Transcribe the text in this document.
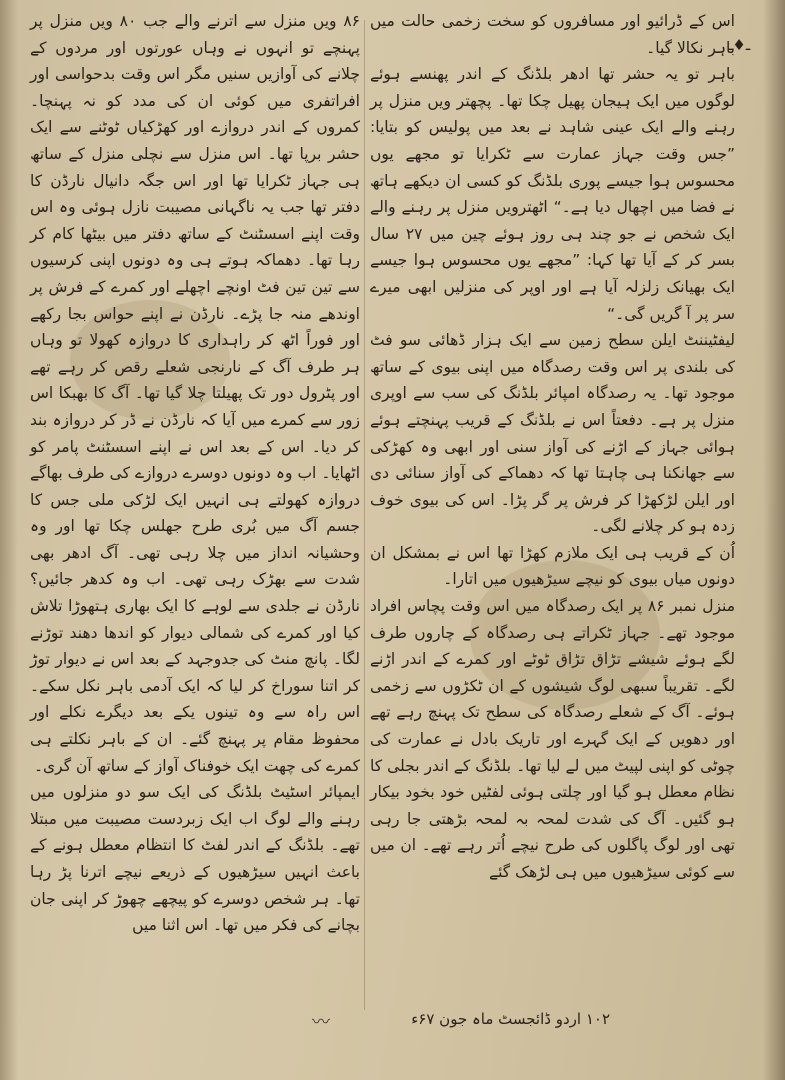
ـ♦ـ

اس کے ڈرائیو اور مسافروں کو سخت زخمی حالت میں باہر نکالا گیا۔

باہر تو یہ حشر تھا ادھر بلڈنگ کے اندر پھنسے ہوئے لوگوں میں ایک ہیجان پھیل چکا تھا۔ پچھتر ویں منزل پر رہنے والے ایک عینی شاہد نے بعد میں پولیس کو بتایا: ”جس وقت جہاز عمارت سے ٹکرایا تو مجھے یوں محسوس ہوا جیسے پوری بلڈنگ کو کسی ان دیکھے ہاتھ نے فضا میں اچھال دیا ہے۔“ اٹھترویں منزل پر رہنے والے ایک شخص نے جو چند ہی روز ہوئے چین میں ۲۷ سال بسر کر کے آیا تھا کہا: ”مجھے یوں محسوس ہوا جیسے ایک بھیانک زلزلہ آیا ہے اور اوپر کی منزلیں ابھی میرے سر پر آ گریں گی۔“

لیفٹیننٹ ایلن سطح زمین سے ایک ہزار ڈھائی سو فٹ کی بلندی پر اس وقت رصدگاہ میں اپنی بیوی کے ساتھ موجود تھا۔ یہ رصدگاہ امپائر بلڈنگ کی سب سے اوپری منزل پر ہے۔ دفعتاً اس نے بلڈنگ کے قریب پہنچتے ہوئے ہوائی جہاز کے اڑنے کی آواز سنی اور ابھی وہ کھڑکی سے جھانکنا ہی چاہتا تھا کہ دھماکے کی آواز سنائی دی اور ایلن لڑکھڑا کر فرش پر گر پڑا۔ اس کی بیوی خوف زدہ ہو کر چلانے لگی۔

اُن کے قریب ہی ایک ملازم کھڑا تھا اس نے بمشکل ان دونوں میاں بیوی کو نیچے سیڑھیوں میں اتارا۔

منزل نمبر ۸۶ پر ایک رصدگاہ میں اس وقت پچاس افراد موجود تھے۔ جہاز ٹکراتے ہی رصدگاہ کے چاروں طرف لگے ہوئے شیشے تڑاق تڑاق ٹوٹے اور کمرے کے اندر اڑنے لگے۔ تقریباً سبھی لوگ شیشوں کے ان ٹکڑوں سے زخمی ہوئے۔ آگ کے شعلے رصدگاہ کی سطح تک پہنچ رہے تھے اور دھویں کے ایک گہرے اور تاریک بادل نے عمارت کی چوٹی کو اپنی لپیٹ میں لے لیا تھا۔ بلڈنگ کے اندر بجلی کا نظام معطل ہو گیا اور چلتی ہوئی لفٹیں خود بخود بیکار ہو گئیں۔ آگ کی شدت لمحہ بہ لمحہ بڑھتی جا رہی تھی اور لوگ پاگلوں کی طرح نیچے اُتر رہے تھے۔ ان میں سے کوئی سیڑھیوں میں ہی لڑھک گئے

۸۶ ویں منزل سے اترنے والے جب ۸۰ ویں منزل پر پہنچے تو انہوں نے وہاں عورتوں اور مردوں کے چلانے کی آوازیں سنیں مگر اس وقت بدحواسی اور افراتفری میں کوئی ان کی مدد کو نہ پہنچا۔ کمروں کے اندر دروازے اور کھڑکیاں ٹوٹنے سے ایک حشر برپا تھا۔ اس منزل سے نچلی منزل کے ساتھ ہی جہاز ٹکرایا تھا اور اس جگہ دانیال نارڈن کا دفتر تھا جب یہ ناگہانی مصیبت نازل ہوئی وہ اس وقت اپنے اسسٹنٹ کے ساتھ دفتر میں بیٹھا کام کر رہا تھا۔ دھماکہ ہوتے ہی وہ دونوں اپنی کرسیوں سے تین تین فٹ اونچے اچھلے اور کمرے کے فرش پر اوندھے منہ جا پڑے۔ نارڈن نے اپنے حواس بجا رکھے اور فوراً اٹھ کر راہداری کا دروازہ کھولا تو وہاں ہر طرف آگ کے نارنجی شعلے رقص کر رہے تھے اور پٹرول دور تک پھیلتا چلا گیا تھا۔ آگ کا بھبکا اس زور سے کمرے میں آیا کہ نارڈن نے ڈر کر دروازہ بند کر دیا۔ اس کے بعد اس نے اپنے اسسٹنٹ پامر کو اٹھایا۔ اب وہ دونوں دوسرے دروازے کی طرف بھاگے دروازہ کھولتے ہی انہیں ایک لڑکی ملی جس کا جسم آگ میں بُری طرح جھلس چکا تھا اور وہ وحشیانہ انداز میں چلا رہی تھی۔ آگ ادھر بھی شدت سے بھڑک رہی تھی۔ اب وہ کدھر جائیں؟ نارڈن نے جلدی سے لوہے کا ایک بھاری ہتھوڑا تلاش کیا اور کمرے کی شمالی دیوار کو اندھا دھند توڑنے لگا۔ پانچ منٹ کی جدوجہد کے بعد اس نے دیوار توڑ کر اتنا سوراخ کر لیا کہ ایک آدمی باہر نکل سکے۔ اس راہ سے وہ تینوں یکے بعد دیگرے نکلے اور محفوظ مقام پر پہنچ گئے۔ ان کے باہر نکلتے ہی کمرے کی چھت ایک خوفناک آواز کے ساتھ آن گری۔

ایمپائر اسٹیٹ بلڈنگ کی ایک سو دو منزلوں میں رہنے والے لوگ اب ایک زبردست مصیبت میں مبتلا تھے۔ بلڈنگ کے اندر لفٹ کا انتظام معطل ہونے کے باعث انہیں سیڑھیوں کے ذریعے نیچے اترنا پڑ رہا تھا۔ ہر شخص دوسرے کو پیچھے چھوڑ کر اپنی جان بچانے کی فکر میں تھا۔ اس اثنا میں

〰	۱۰۲ اردو ڈائجسٹ ماہ جون ۶۷ء
